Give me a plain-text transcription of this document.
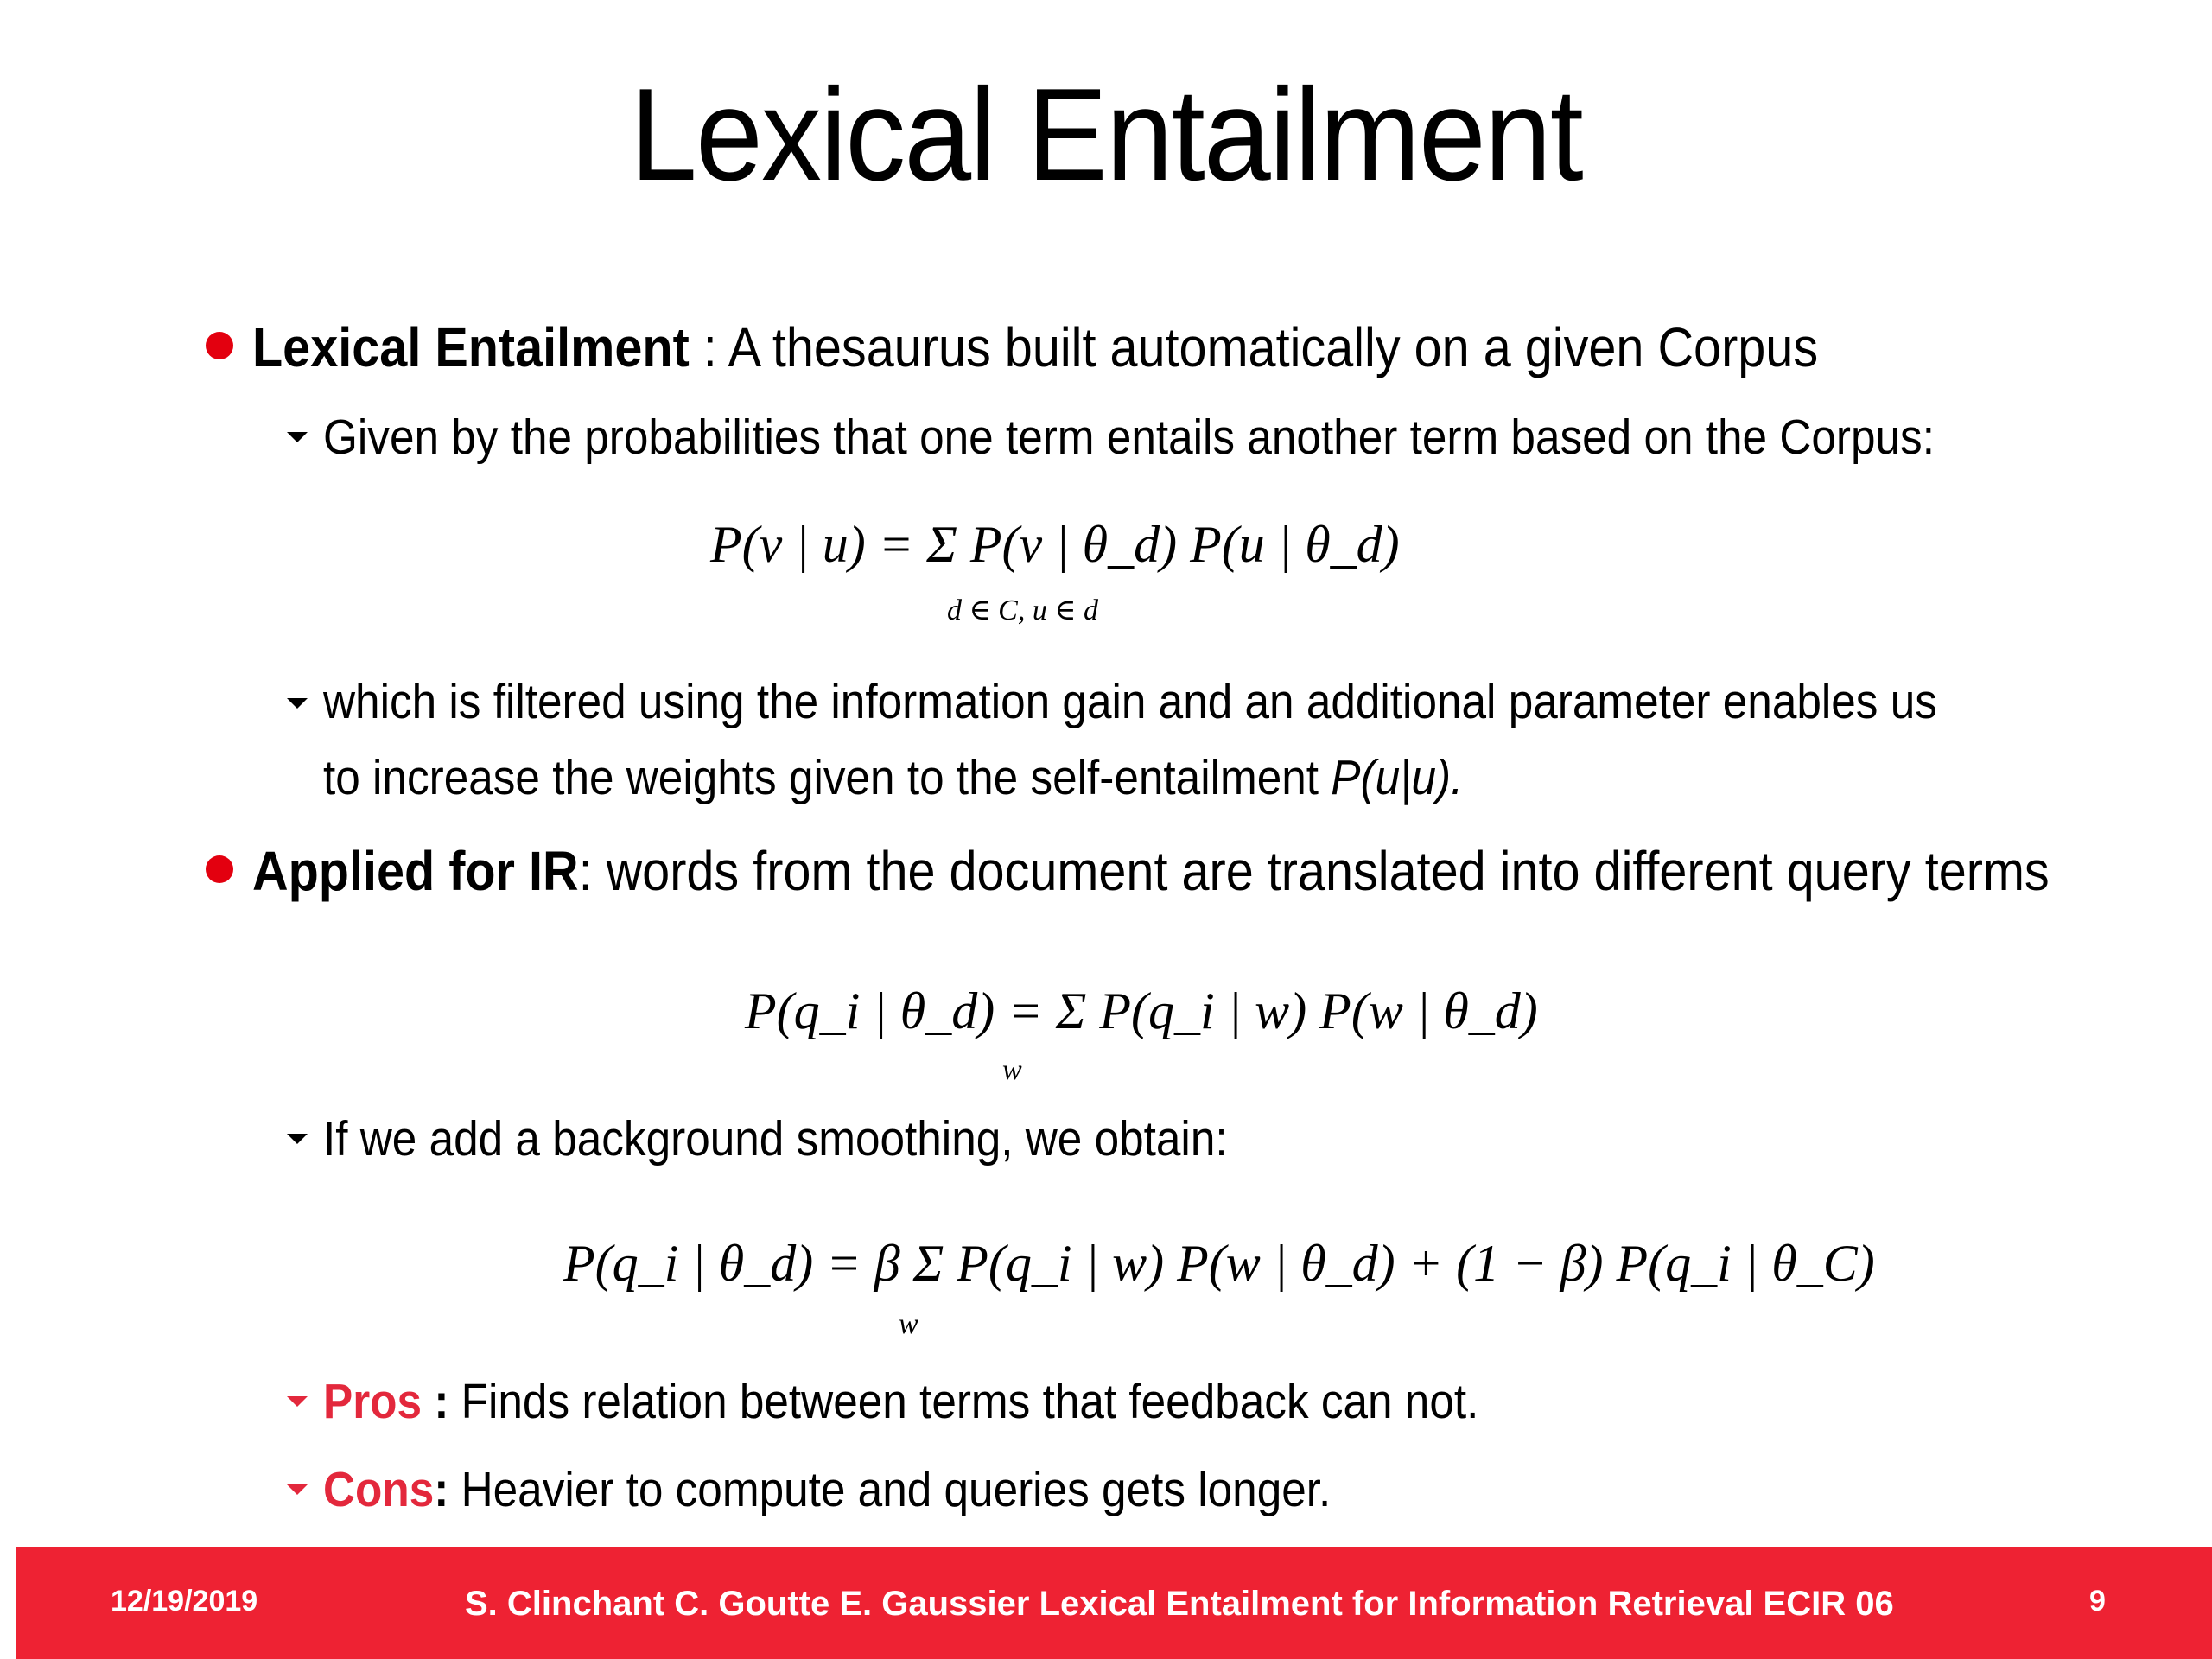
Lexical Entailment
Lexical Entailment : A thesaurus built automatically on a given Corpus
Given by the probabilities that one term entails another term based on the Corpus:
P(v | u) = Σ P(v | θ_d) P(u | θ_d)
d ∈ C, u ∈ d
which is filtered using the information gain and an additional parameter enables us
to increase the weights given to the self-entailment P(u|u).
Applied for IR: words from the document are translated into different query terms
P(q_i | θ_d) = Σ P(q_i | w) P(w | θ_d)
w
If we add a background smoothing, we obtain:
P(q_i | θ_d) = β Σ P(q_i | w) P(w | θ_d) + (1 − β) P(q_i | θ_C)
w
Pros : Finds relation between terms that feedback can not.
Cons: Heavier to compute and queries gets longer.
12/19/2019	S. Clinchant C. Goutte E. Gaussier Lexical Entailment for Information Retrieval ECIR 06	9
